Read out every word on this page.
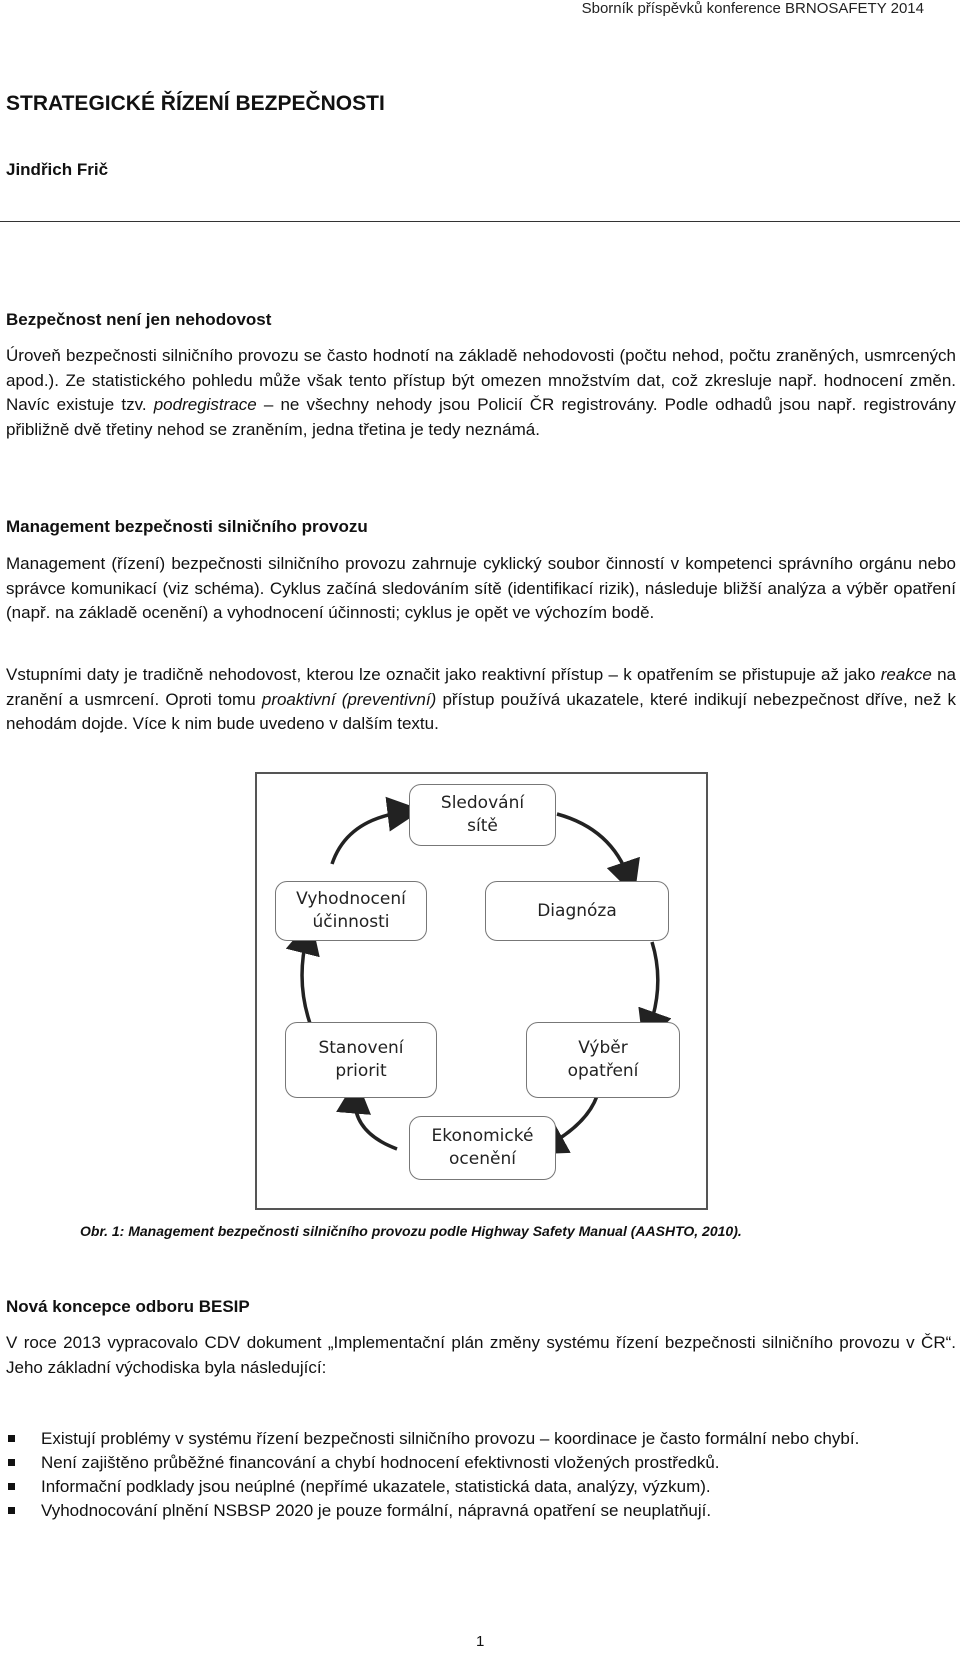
Sborník příspěvků konference BRNOSAFETY 2014
STRATEGICKÉ ŘÍZENÍ BEZPEČNOSTI

Jindřich Frič

Bezpečnost není jen nehodovost

Úroveň bezpečnosti silničního provozu se často hodnotí na základě nehodovosti (počtu nehod, počtu zraněných, usmrcených apod.). Ze statistického pohledu může však tento přístup být omezen množstvím dat, což zkresluje např. hodnocení změn. Navíc existuje tzv. podregistrace – ne všechny nehody jsou Policií ČR registrovány. Podle odhadů jsou např. registrovány přibližně dvě třetiny nehod se zraněním, jedna třetina je tedy neznámá.

Management bezpečnosti silničního provozu

Management (řízení) bezpečnosti silničního provozu zahrnuje cyklický soubor činností v kompetenci správního orgánu nebo správce komunikací (viz schéma). Cyklus začíná sledováním sítě (identifikací rizik), následuje bližší analýza a výběr opatření (např. na základě ocenění) a vyhodnocení účinnosti; cyklus je opět ve výchozím bodě.

Vstupními daty je tradičně nehodovost, kterou lze označit jako reaktivní přístup – k opatřením se přistupuje až jako reakce na zranění a usmrcení. Oproti tomu proaktivní (preventivní) přístup používá ukazatele, které indikují nebezpečnost dříve, než k nehodám dojde. Více k nim bude uvedeno v dalším textu.

Sledování
sítě
Diagnóza
Výběr
opatření
Ekonomické
ocenění
Stanovení
priorit
Vyhodnocení
účinnosti

Obr. 1: Management bezpečnosti silničního provozu podle Highway Safety Manual (AASHTO, 2010).

Nová koncepce odboru BESIP

V roce 2013 vypracovalo CDV dokument „Implementační plán změny systému řízení bezpečnosti silničního provozu v ČR“. Jeho základní východiska byla následující:

Existují problémy v systému řízení bezpečnosti silničního provozu – koordinace je často formální nebo chybí.
Není zajištěno průběžné financování a chybí hodnocení efektivnosti vložených prostředků.
Informační podklady jsou neúplné (nepřímé ukazatele, statistická data, analýzy, výzkum).
Vyhodnocování plnění NSBSP 2020 je pouze formální, nápravná opatření se neuplatňují.
1
